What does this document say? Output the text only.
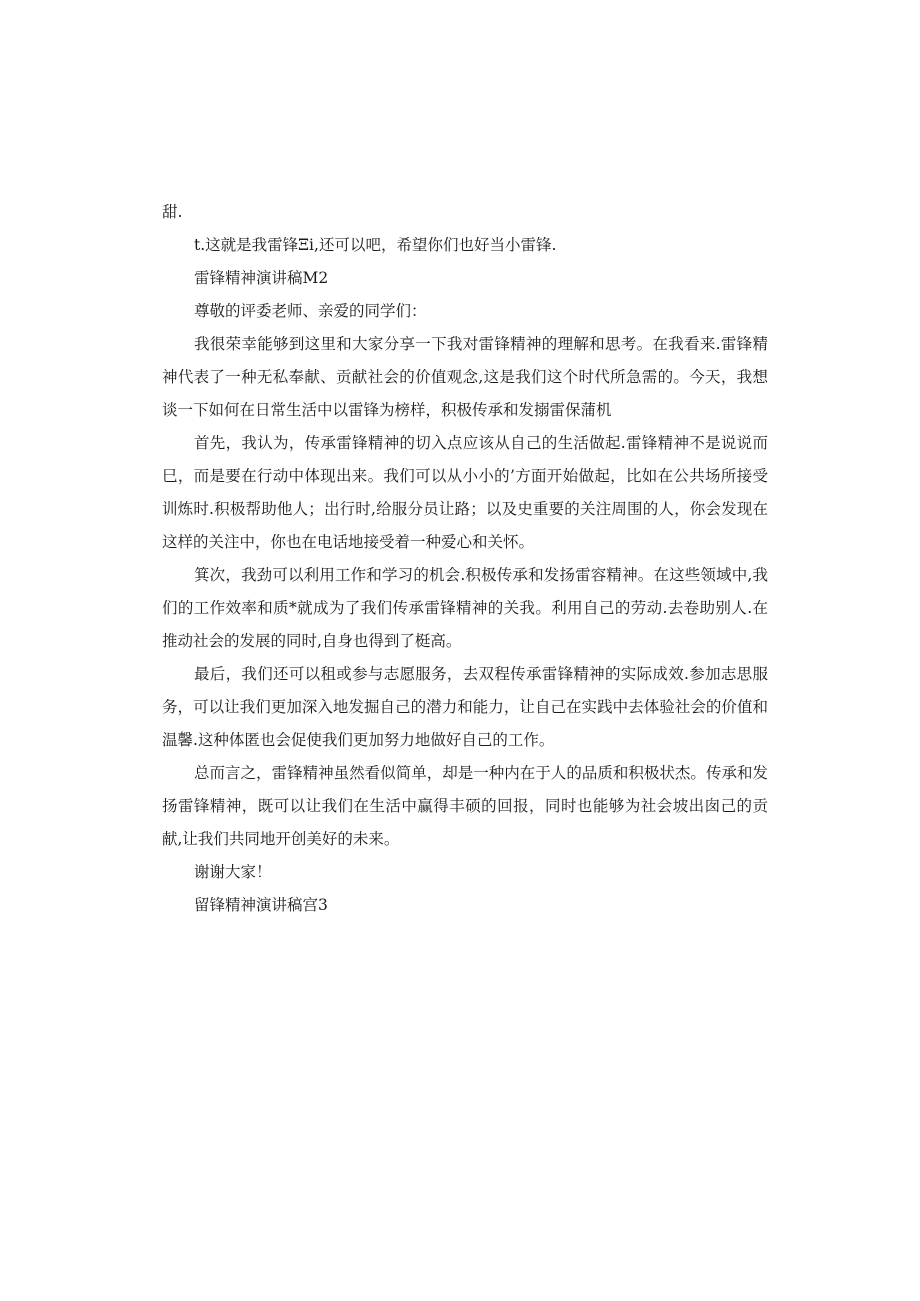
甜.

t.这就是我雷锋Ξi,还可以吧，希望你们也好当小雷锋.

雷锋精神演讲稿M2

尊敬的评委老师、亲爱的同学们：

我很荣幸能够到这里和大家分享一下我对雷锋精神的理解和思考。在我看来.雷锋精神代表了一种无私奉献、贡献社会的价值观念,这是我们这个时代所急需的。今天，我想谈一下如何在日常生活中以雷锋为榜样，积极传承和发搦雷保蒲机

首先，我认为，传承雷锋精神的切入点应该从自己的生活做起.雷锋精神不是说说而巳，而是要在行动中体现出来。我们可以从小小的’方面开始做起，比如在公共场所接受训炼时.积极帮助他人；岀行时,给服分员让路；以及史重要的关注周围的人，你会发现在这样的关注中，你也在电话地接受着一种爱心和关怀。

箕次，我劲可以利用工作和学习的机会.积极传承和发扬雷容精神。在这些领域中,我们的工作效率和质*就成为了我们传承雷锋精神的关我。利用自己的劳动.去卷助别人.在推动社会的发展的同时,自身也得到了梃高。

最后，我们还可以租或参与志愿服务，去双程传承雷锋精神的实际成效.参加志思服务，可以让我们更加深入地发掘自己的潜力和能力，让自己在实践中去体验社会的价值和温馨.这种体匿也会促使我们更加努力地做好自己的工作。

总而言之，雷锋精神虽然看似简单，却是一种内在于人的品质和积极状杰。传承和发扬雷锋精神，既可以让我们在生活中赢得丰硕的回报，同时也能够为社会坡出囱己的贡献,让我们共同地开创美好的未来。

谢谢大家！

留锋精神演讲稿宫3
